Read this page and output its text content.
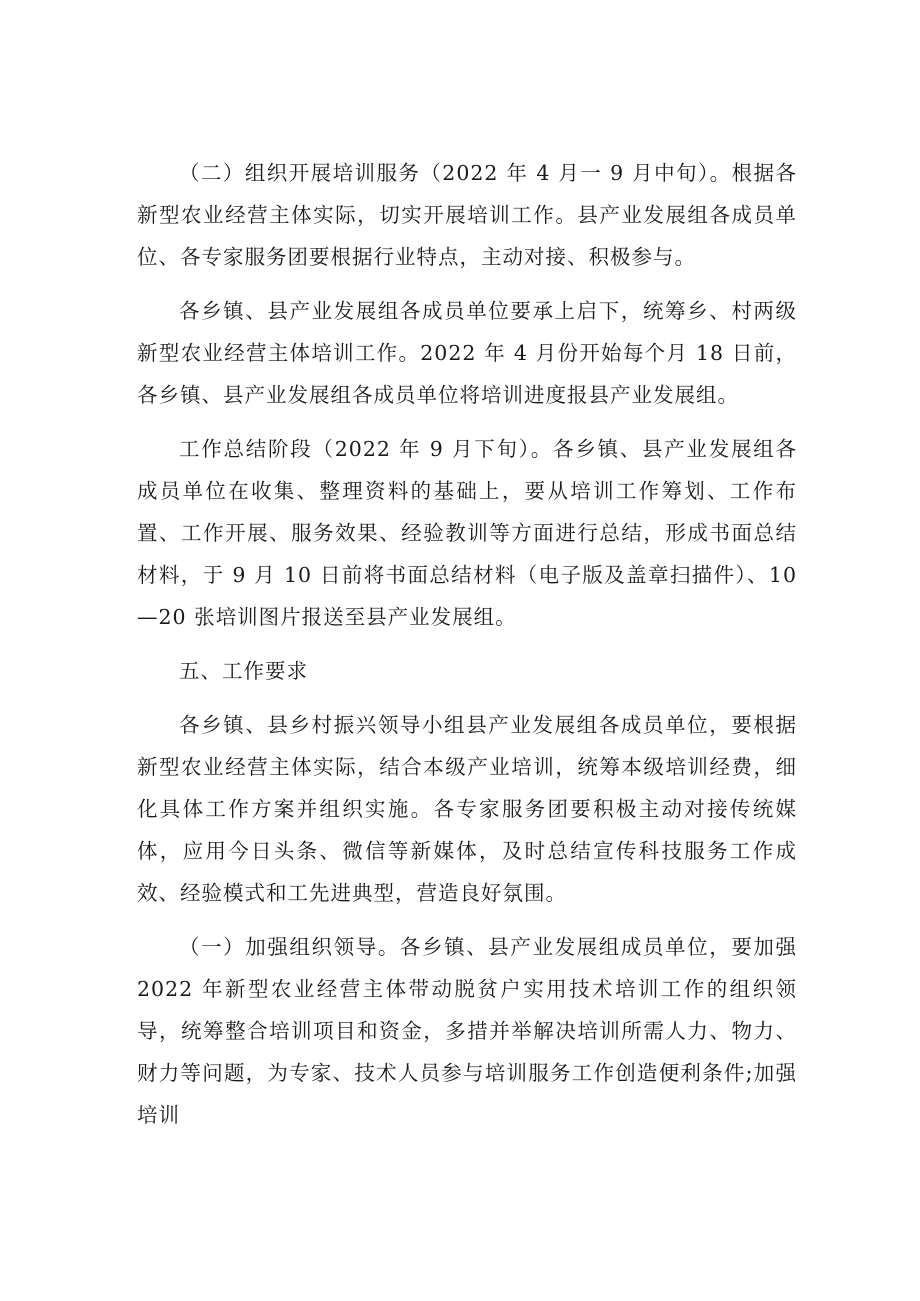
（二）组织开展培训服务（2022 年 4 月一 9 月中旬）。根据各新型农业经营主体实际，切实开展培训工作。县产业发展组各成员单位、各专家服务团要根据行业特点，主动对接、积极参与。

各乡镇、县产业发展组各成员单位要承上启下，统筹乡、村两级新型农业经营主体培训工作。2022 年 4 月份开始每个月 18 日前，各乡镇、县产业发展组各成员单位将培训进度报县产业发展组。

工作总结阶段（2022 年 9 月下旬）。各乡镇、县产业发展组各成员单位在收集、整理资料的基础上，要从培训工作筹划、工作布置、工作开展、服务效果、经验教训等方面进行总结，形成书面总结材料，于 9 月 10 日前将书面总结材料（电子版及盖章扫描件）、10—20 张培训图片报送至县产业发展组。

五、工作要求

各乡镇、县乡村振兴领导小组县产业发展组各成员单位，要根据新型农业经营主体实际，结合本级产业培训，统筹本级培训经费，细化具体工作方案并组织实施。各专家服务团要积极主动对接传统媒体，应用今日头条、微信等新媒体，及时总结宣传科技服务工作成效、经验模式和工先进典型，营造良好氛围。

（一）加强组织领导。各乡镇、县产业发展组成员单位，要加强 2022 年新型农业经营主体带动脱贫户实用技术培训工作的组织领导，统筹整合培训项目和资金，多措并举解决培训所需人力、物力、财力等问题，为专家、技术人员参与培训服务工作创造便利条件;加强培训
